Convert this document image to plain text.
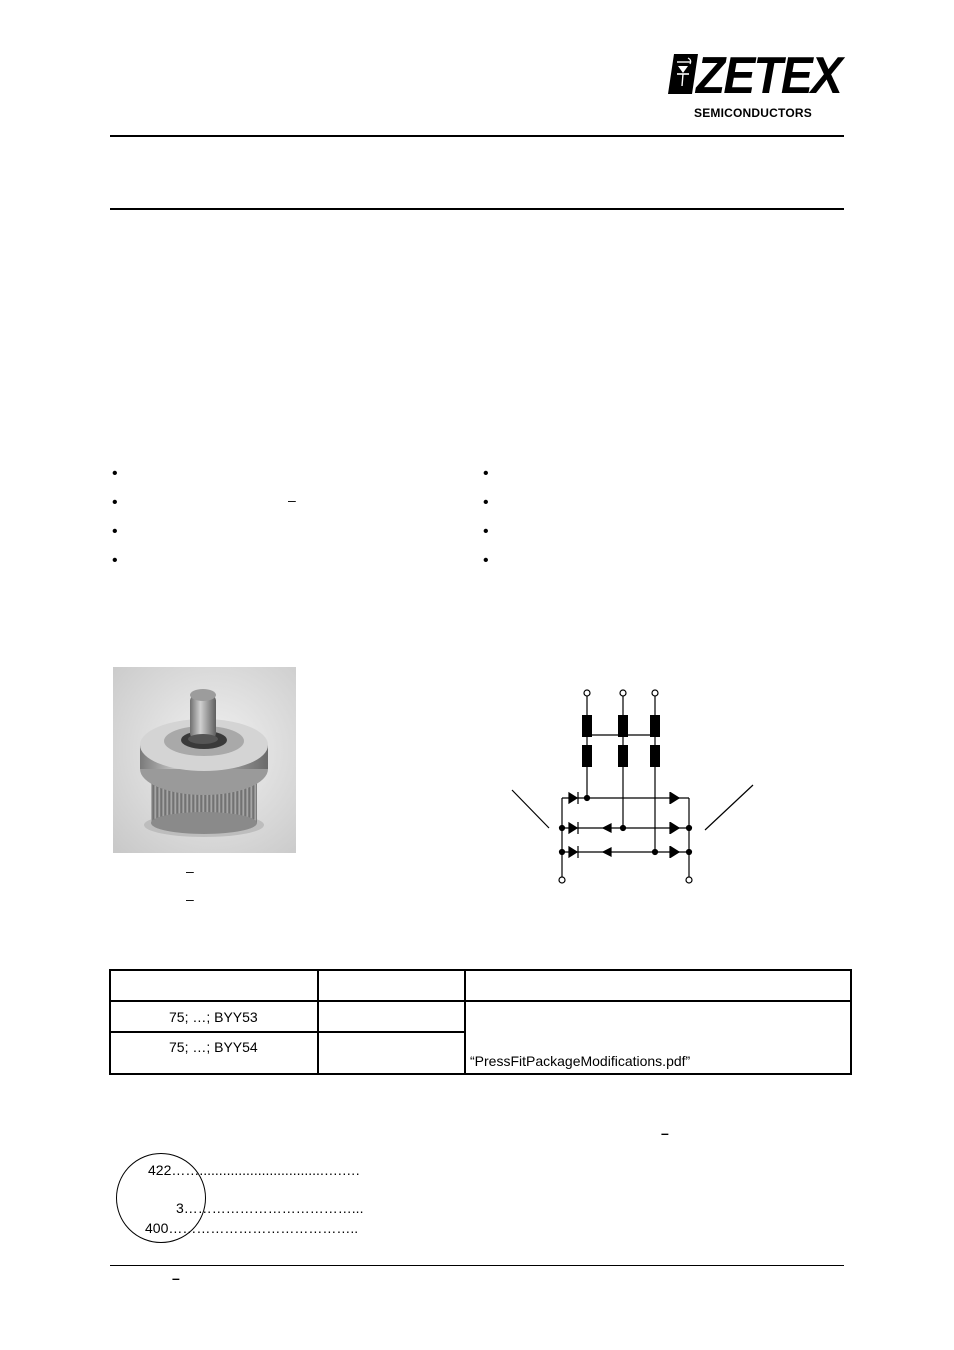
ZETEX
SEMICONDUCTORS
•
•
•
•
–
•
•
•
•
–
–

75; …; BYY53		“PressFitPackageModifications.pdf”
75; …; BYY54		
–
422……................................….….
3………………………………...
400…………………………………..
–
